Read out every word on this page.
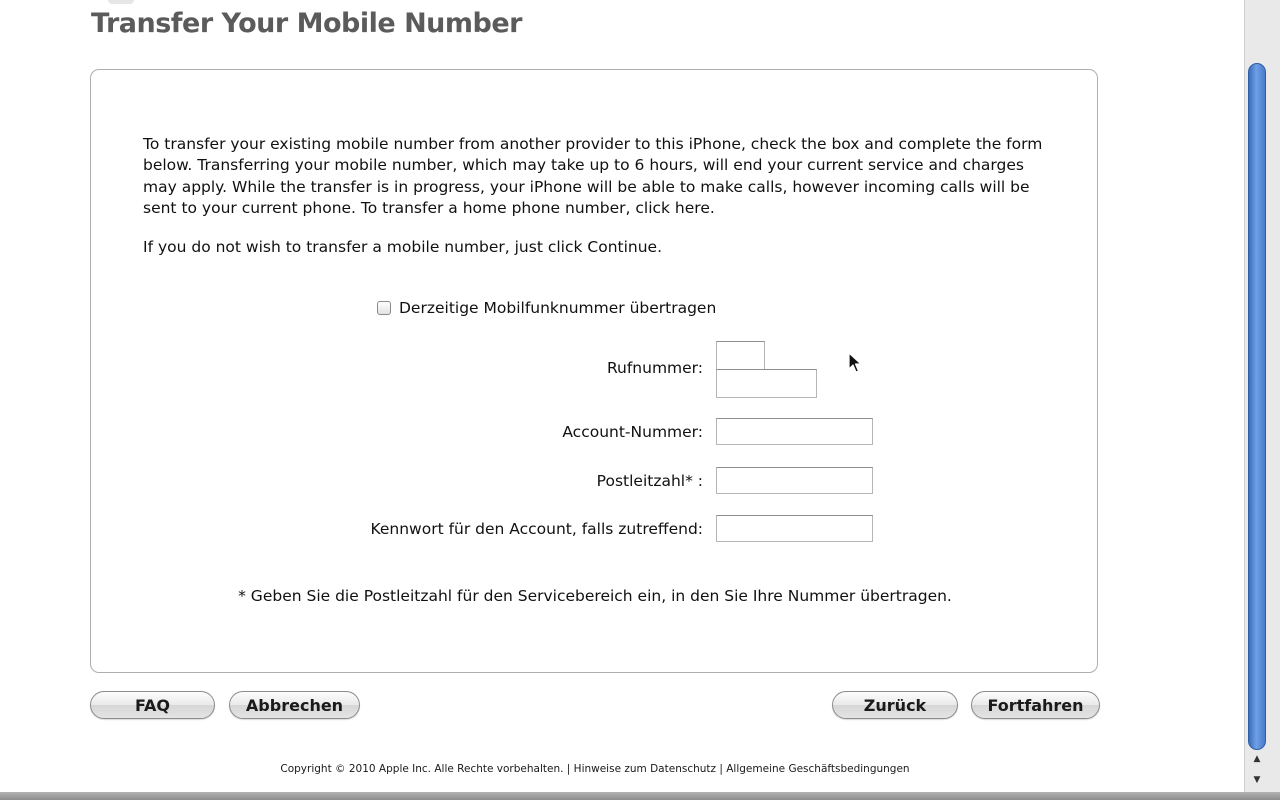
Transfer Your Mobile Number

To transfer your existing mobile number from another provider to this iPhone, check the box and complete the form below. Transferring your mobile number, which may take up to 6 hours, will end your current service and charges may apply. While the transfer is in progress, your iPhone will be able to make calls, however incoming calls will be sent to your current phone. To transfer a home phone number, click here.

If you do not wish to transfer a mobile number, just click Continue.

Derzeitige Mobilfunknummer übertragen
Rufnummer:
Account-Nummer:
Postleitzahl* :
Kennwort für den Account, falls zutreffend:
* Geben Sie die Postleitzahl für den Servicebereich ein, in den Sie Ihre Nummer übertragen.
FAQ	Abbrechen	Zurück	Fortfahren
Copyright © 2010 Apple Inc. Alle Rechte vorbehalten. | Hinweise zum Datenschutz | Allgemeine Geschäftsbedingungen
▲
▼
